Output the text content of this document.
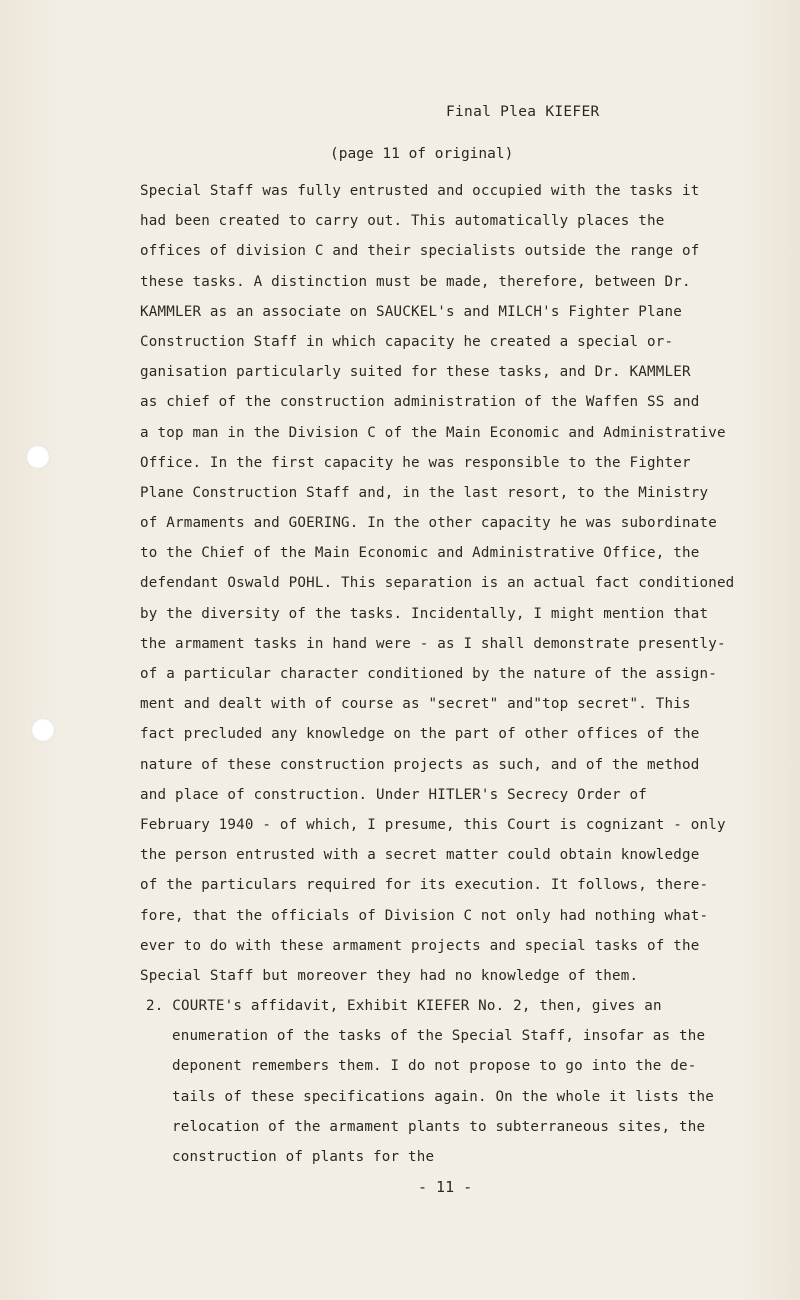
Final Plea KIEFER
(page 11 of original)
Special Staff was fully entrusted and occupied with the tasks it
had been created to carry out. This automatically places the
offices of division C and their specialists outside the range of
these tasks. A distinction must be made, therefore, between Dr.
KAMMLER as an associate on SAUCKEL's and MILCH's Fighter Plane
Construction Staff in which capacity he created a special or-
ganisation particularly suited for these tasks, and Dr. KAMMLER
as chief of the construction administration of the Waffen SS and
a top man in the Division C of the Main Economic and Administrative
Office. In the first capacity he was responsible to the Fighter
Plane Construction Staff and, in the last resort, to the Ministry
of Armaments and GOERING. In the other capacity he was subordinate
to the Chief of the Main Economic and Administrative Office, the
defendant Oswald POHL. This separation is an actual fact conditioned
by the diversity of the tasks. Incidentally, I might mention that
the armament tasks in hand were - as I shall demonstrate presently-
of a particular character conditioned by the nature of the assign-
ment and dealt with of course as "secret" and"top secret". This
fact precluded any knowledge on the part of other offices of the
nature of these construction projects as such, and of the method
and place of construction. Under HITLER's Secrecy Order of
February 1940 - of which, I presume, this Court is cognizant - only
the person entrusted with a secret matter could obtain knowledge
of the particulars required for its execution. It follows, there-
fore, that the officials of Division C not only had nothing what-
ever to do with these armament projects and special tasks of the
Special Staff but moreover they had no knowledge of them.
2. COURTE's affidavit, Exhibit KIEFER No. 2, then, gives an
enumeration of the tasks of the Special Staff, insofar as the
deponent remembers them. I do not propose to go into the de-
tails of these specifications again. On the whole it lists the
relocation of the armament plants to subterraneous sites, the
construction of plants for the
- 11 -
